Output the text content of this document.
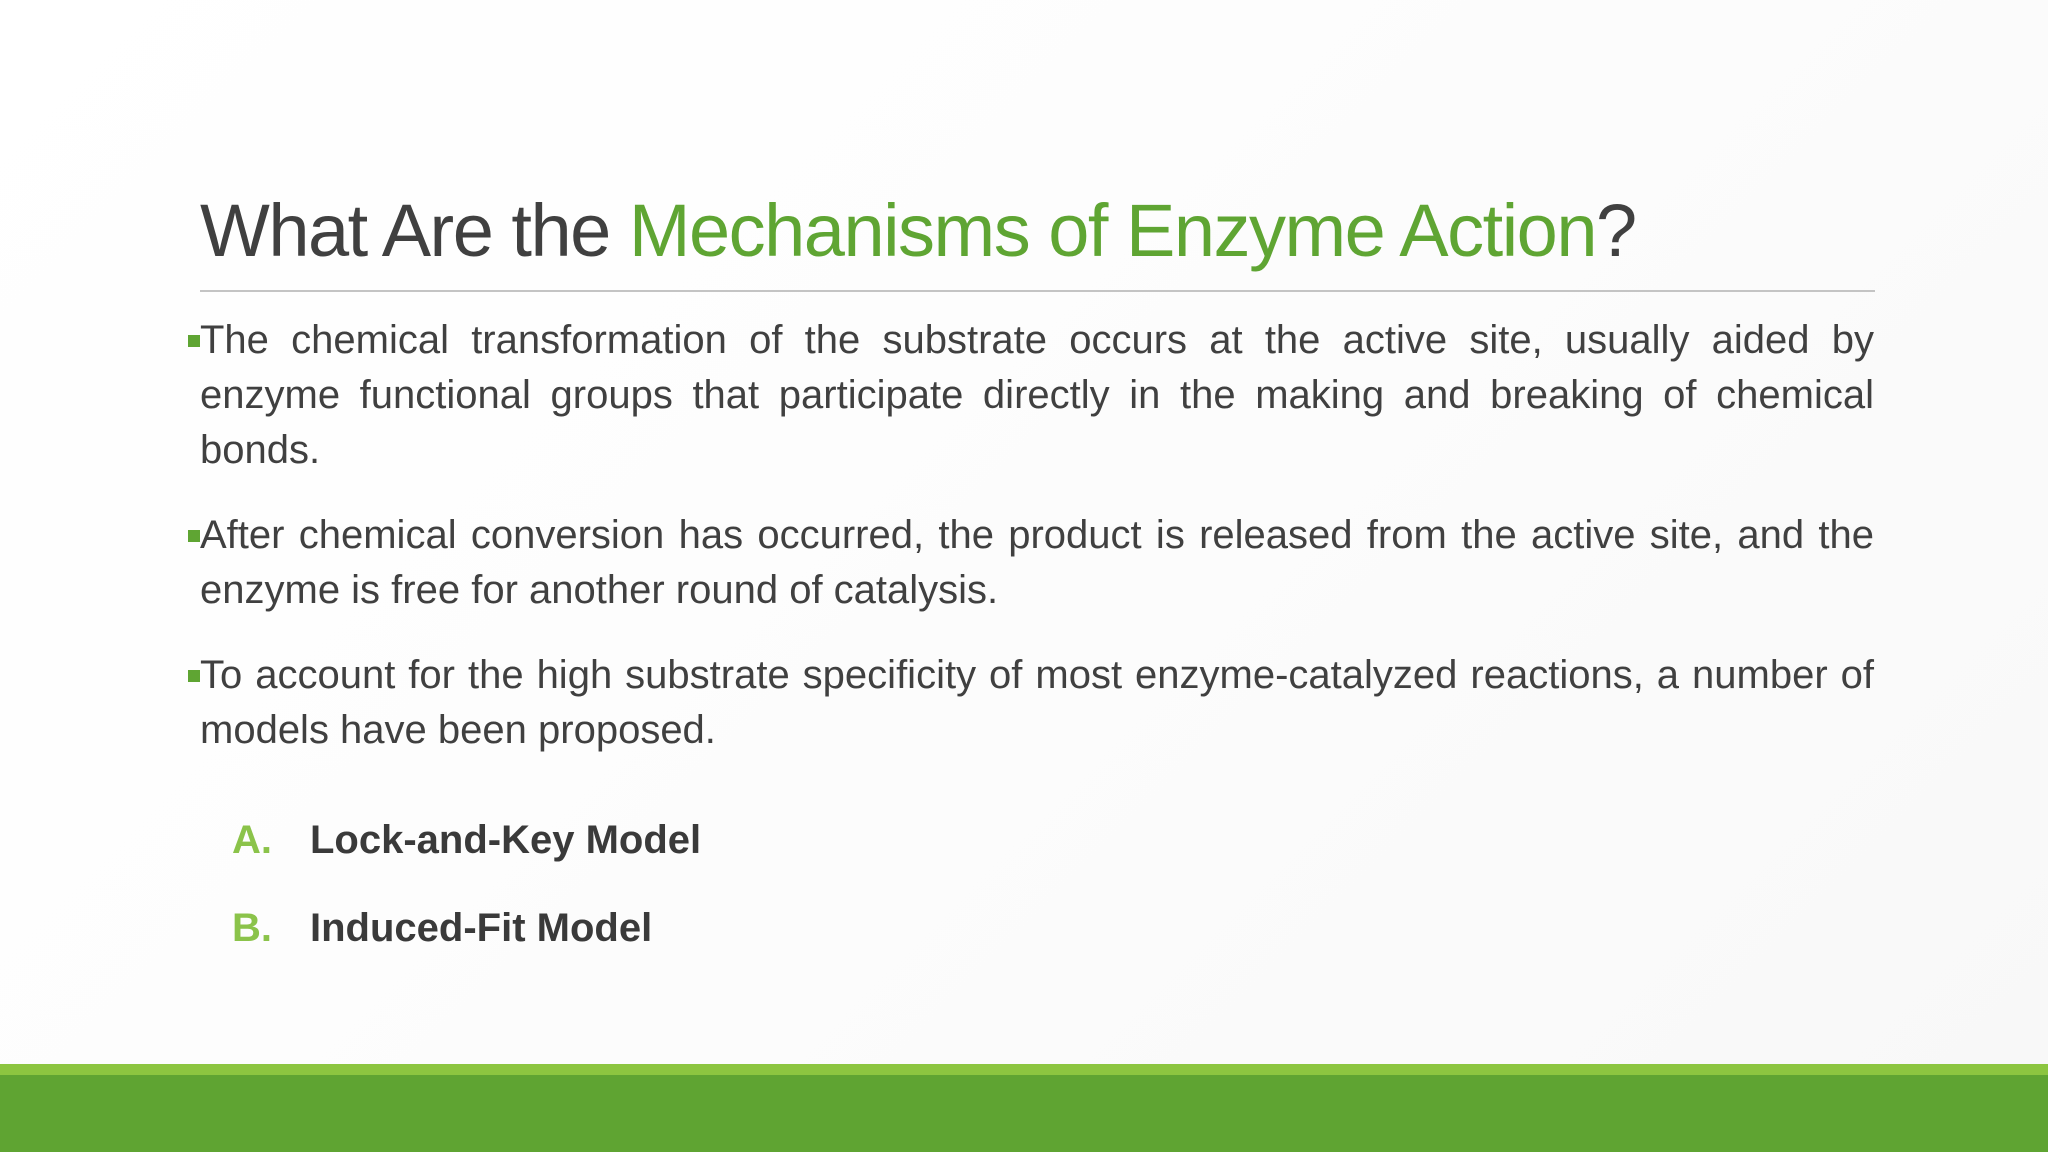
What Are the Mechanisms of Enzyme Action?
The chemical transformation of the substrate occurs at the active site, usually aided by enzyme functional groups that participate directly in the making and breaking of chemical bonds.
After chemical conversion has occurred, the product is released from the active site, and the enzyme is free for another round of catalysis.
To account for the high substrate specificity of most enzyme-catalyzed reactions, a number of models have been proposed.
A. Lock-and-Key Model
B. Induced-Fit Model
